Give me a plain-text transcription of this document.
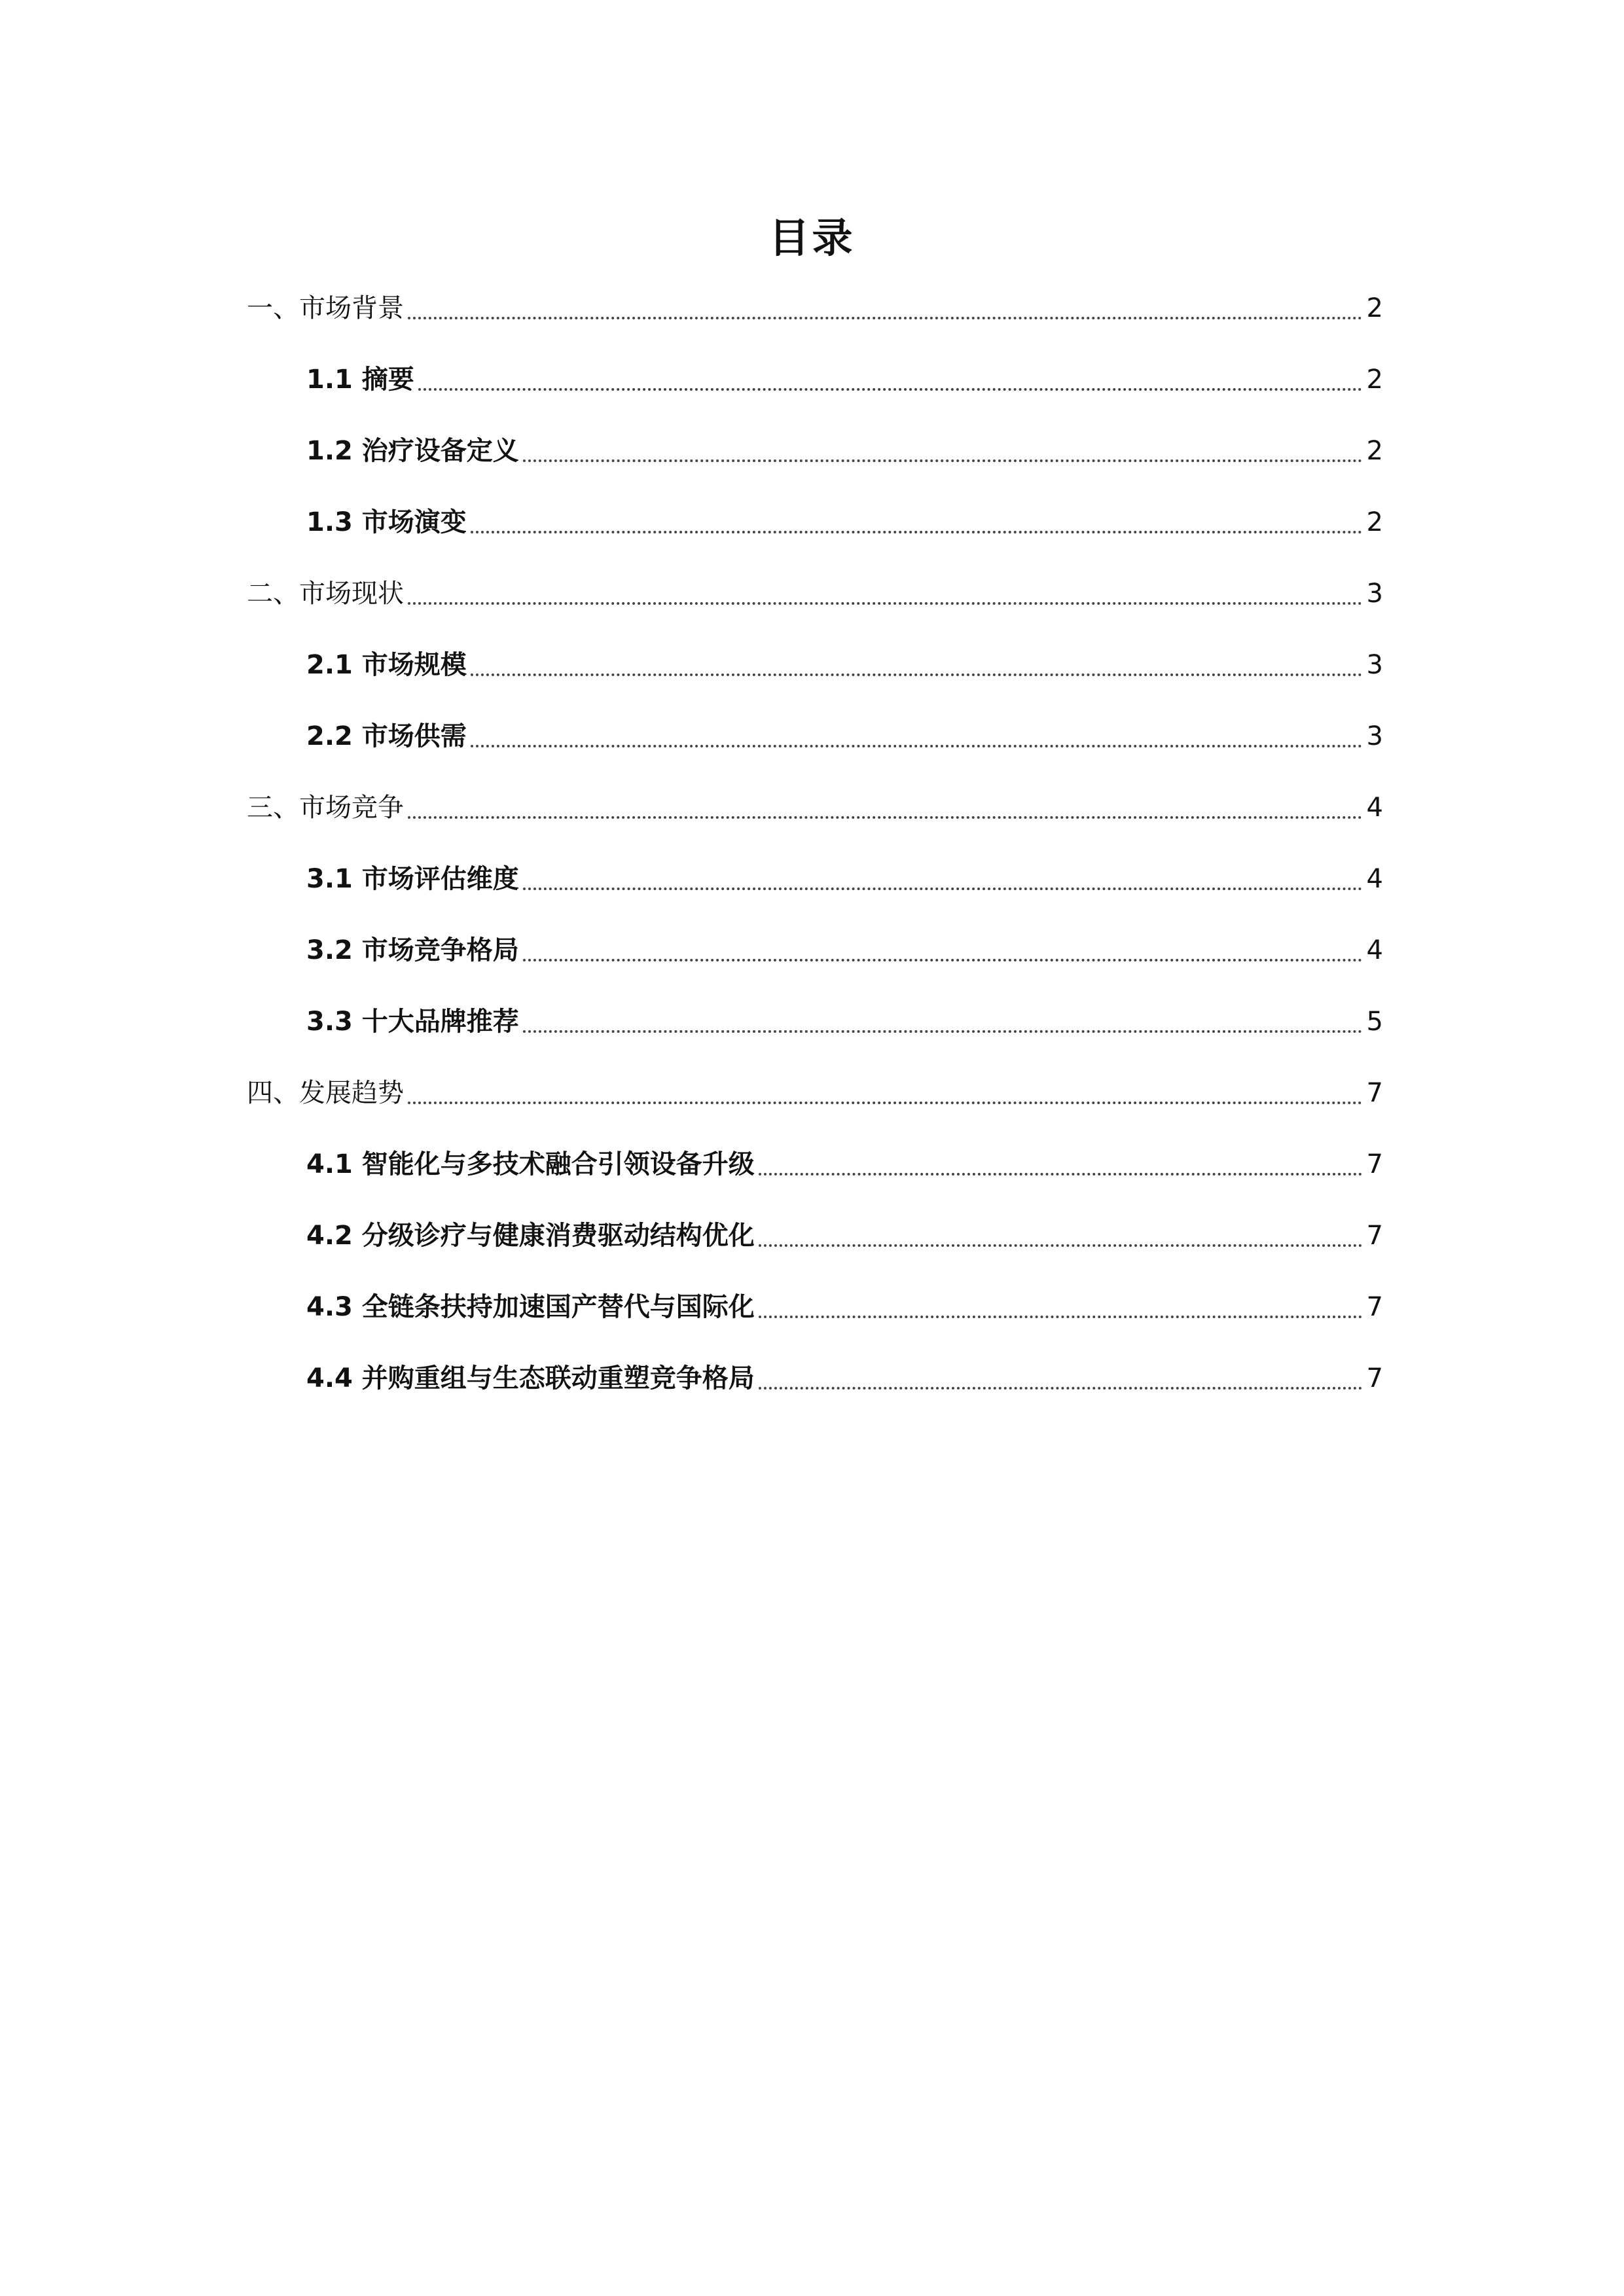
目录
一、市场背景	2
1.1 摘要	2
1.2 治疗设备定义	2
1.3 市场演变	2
二、市场现状	3
2.1 市场规模	3
2.2 市场供需	3
三、市场竞争	4
3.1 市场评估维度	4
3.2 市场竞争格局	4
3.3 十大品牌推荐	5
四、发展趋势	7
4.1 智能化与多技术融合引领设备升级	7
4.2 分级诊疗与健康消费驱动结构优化	7
4.3 全链条扶持加速国产替代与国际化	7
4.4 并购重组与生态联动重塑竞争格局	7
